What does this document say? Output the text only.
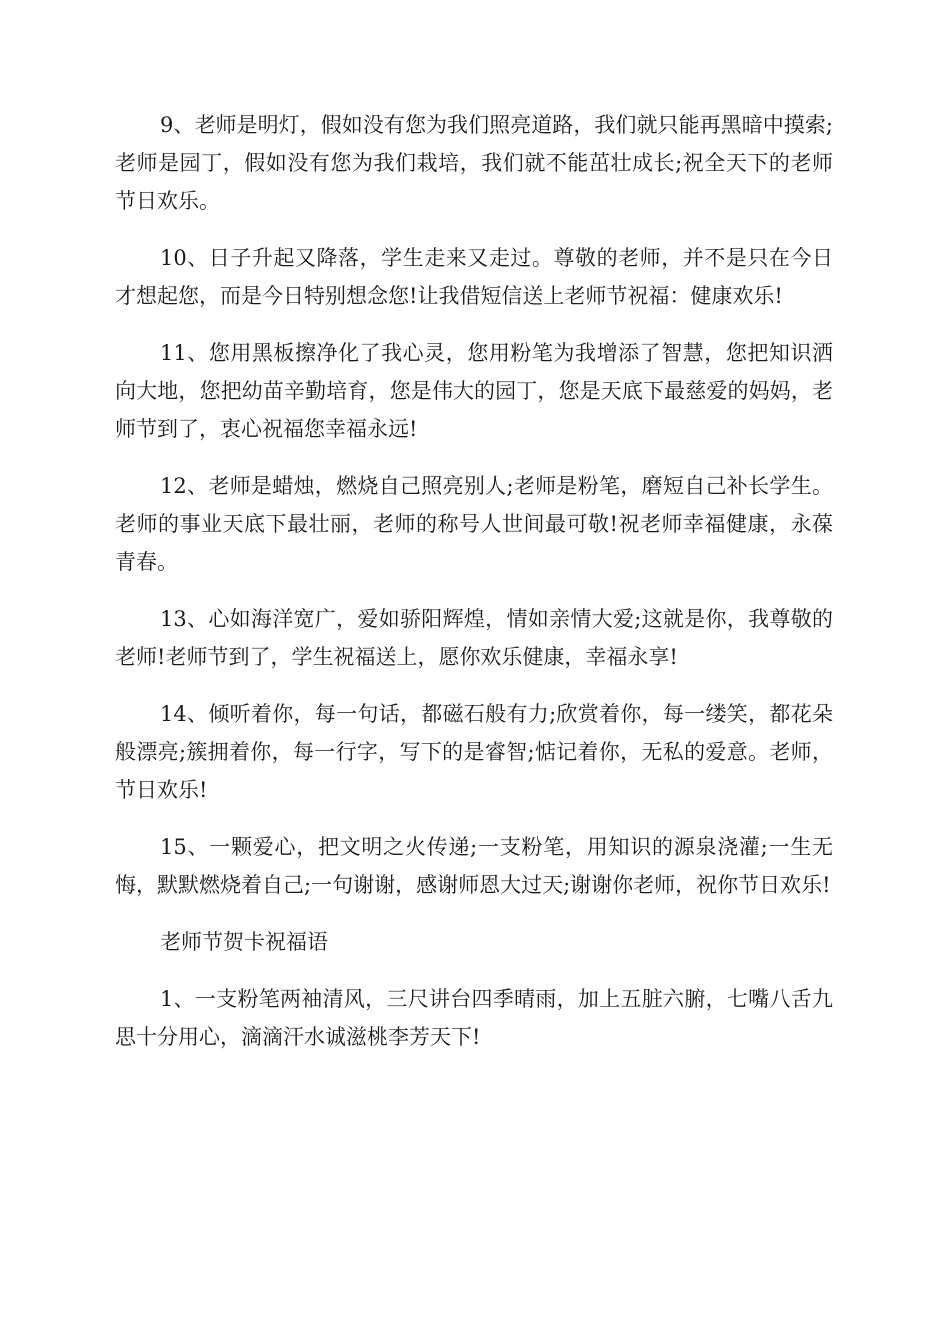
9、老师是明灯，假如没有您为我们照亮道路，我们就只能再黑暗中摸索;老师是园丁，假如没有您为我们栽培，我们就不能茁壮成长;祝全天下的老师节日欢乐。

10、日子升起又降落，学生走来又走过。尊敬的老师，并不是只在今日才想起您，而是今日特别想念您!让我借短信送上老师节祝福：健康欢乐!

11、您用黑板擦净化了我心灵，您用粉笔为我增添了智慧，您把知识洒向大地，您把幼苗辛勤培育，您是伟大的园丁，您是天底下最慈爱的妈妈，老师节到了，衷心祝福您幸福永远!

12、老师是蜡烛，燃烧自己照亮别人;老师是粉笔，磨短自己补长学生。老师的事业天底下最壮丽，老师的称号人世间最可敬!祝老师幸福健康，永葆青春。

13、心如海洋宽广，爱如骄阳辉煌，情如亲情大爱;这就是你，我尊敬的老师!老师节到了，学生祝福送上，愿你欢乐健康，幸福永享!

14、倾听着你，每一句话，都磁石般有力;欣赏着你，每一缕笑，都花朵般漂亮;簇拥着你，每一行字，写下的是睿智;惦记着你，无私的爱意。老师，节日欢乐!

15、一颗爱心，把文明之火传递;一支粉笔，用知识的源泉浇灌;一生无悔，默默燃烧着自己;一句谢谢，感谢师恩大过天;谢谢你老师，祝你节日欢乐!

老师节贺卡祝福语

1、一支粉笔两袖清风，三尺讲台四季晴雨，加上五脏六腑，七嘴八舌九思十分用心，滴滴汗水诚滋桃李芳天下!
